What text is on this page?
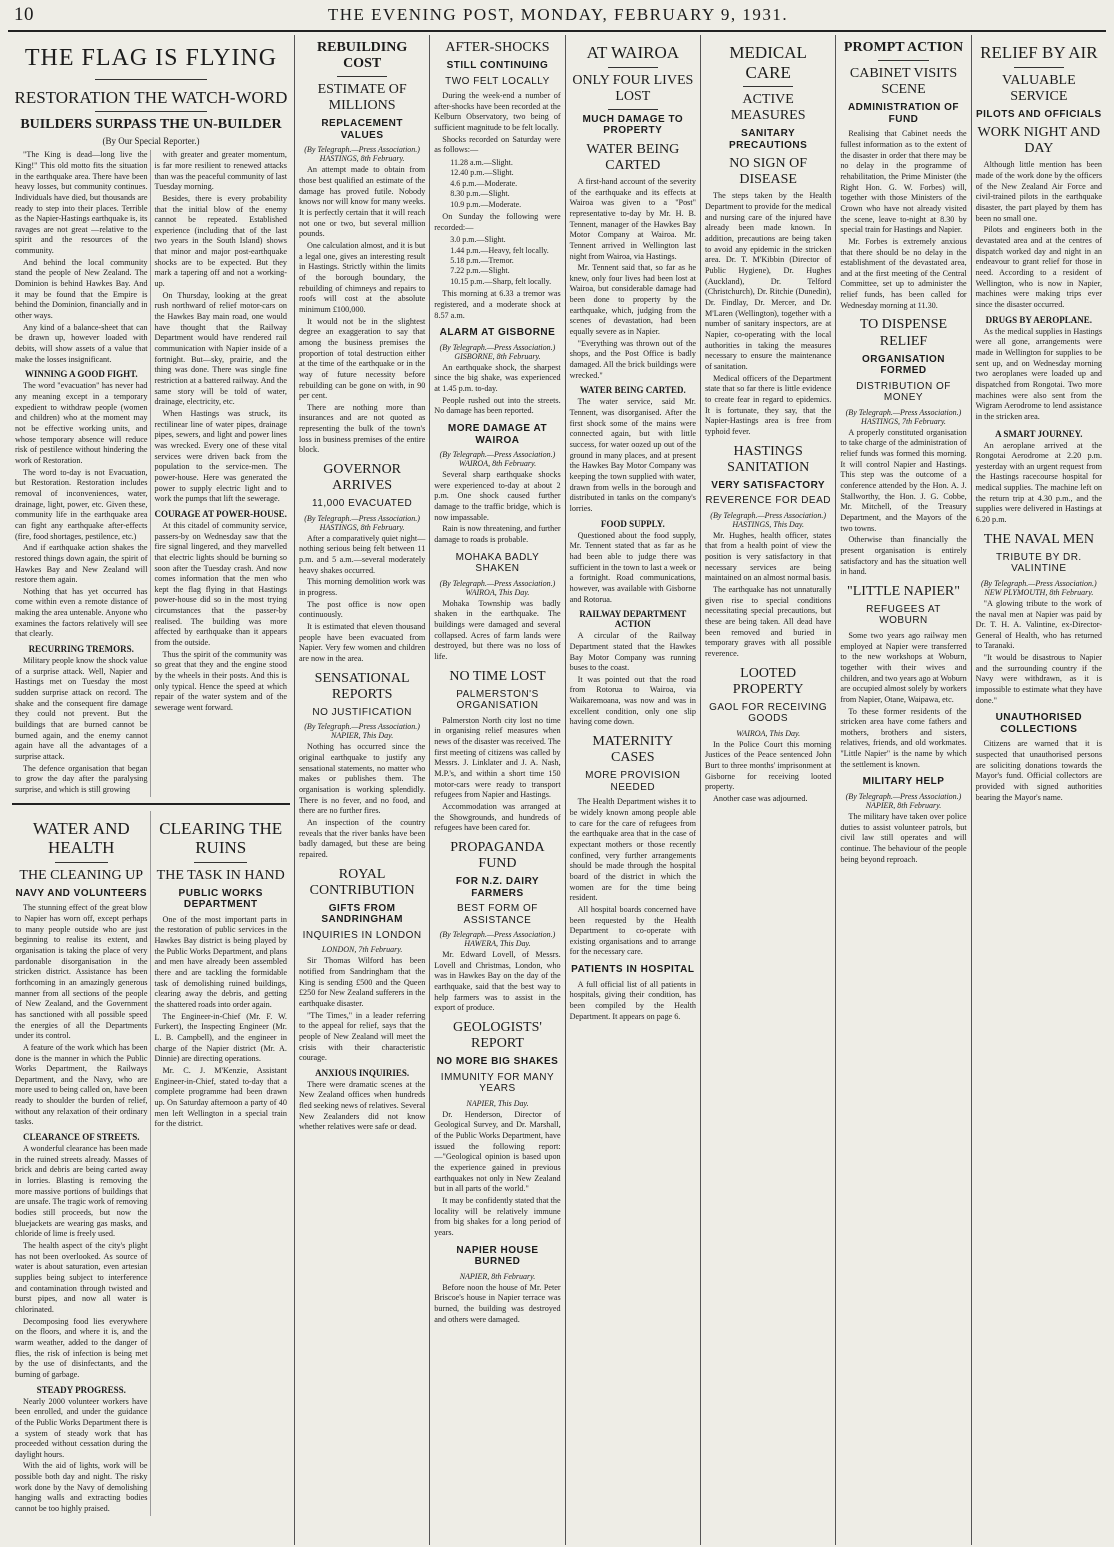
10	THE EVENING POST, MONDAY, FEBRUARY 9, 1931.
THE FLAG IS FLYING
RESTORATION THE WATCH-WORD
BUILDERS SURPASS THE UN-BUILDER
(By Our Special Reporter.)

"The King is dead—long live the King!" This old motto fits the situation in the earthquake area. There have been heavy losses, but community continues. Individuals have died, but thousands are ready to step into their places. Terrible as the Napier-Hastings earthquake is, its ravages are not great —relative to the spirit and the resources of the community.

And behind the local community stand the people of New Zealand. The Dominion is behind Hawkes Bay. And it may be found that the Empire is behind the Dominion, financially and in other ways.

Any kind of a balance-sheet that can be drawn up, however loaded with debits, will show assets of a value that make the losses insignificant.

WINNING A GOOD FIGHT.

The word "evacuation" has never had any meaning except in a temporary expedient to withdraw people (women and children) who at the moment may not be effective working units, and whose temporary absence will reduce risk of pestilence without hindering the work of Restoration.

The word to-day is not Evacuation, but Restoration. Restoration includes removal of inconveniences, water, drainage, light, power, etc. Given these, community life in the earthquake area can fight any earthquake after-effects (fire, food shortages, pestilence, etc.)

And if earthquake action shakes the restored things down again, the spirit of Hawkes Bay and New Zealand will restore them again.

Nothing that has yet occurred has come within even a remote distance of making the area untenable. Anyone who examines the factors relatively will see that clearly.

RECURRING TREMORS.

Military people know the shock value of a surprise attack. Well, Napier and Hastings met on Tuesday the most sudden surprise attack on record. The shake and the consequent fire damage they could not prevent. But the buildings that are burned cannot be burned again, and the enemy cannot again have all the advantages of a surprise attack.

The defence organisation that began to grow the day after the paralysing surprise, and which is still growing

with greater and greater momentum, is far more resilient to renewed attacks than was the peaceful community of last Tuesday morning.

Besides, there is every probability that the initial blow of the enemy cannot be repeated. Established experience (including that of the last two years in the South Island) shows that minor and major post-earthquake shocks are to be expected. But they mark a tapering off and not a working-up.

On Thursday, looking at the great rush northward of relief motor-cars on the Hawkes Bay main road, one would have thought that the Railway Department would have rendered rail communication with Napier inside of a fortnight. But—sky, prairie, and the thing was done. There was single fine restriction at a battered railway. And the same story will be told of water, drainage, electricity, etc.

When Hastings was struck, its rectilinear line of water pipes, drainage pipes, sewers, and light and power lines was wrecked. Every one of these vital services were driven back from the population to the service-men. The power-house. Here was generated the power to supply electric light and to work the pumps that lift the sewerage.

COURAGE AT POWER-HOUSE.

At this citadel of community service, passers-by on Wednesday saw that the fire signal lingered, and they marvelled that electric lights should be burning so soon after the Tuesday crash. And now comes information that the men who kept the flag flying in that Hastings power-house did so in the most trying circumstances that the passer-by realised. The building was more affected by earthquake than it appears from the outside.

Thus the spirit of the community was so great that they and the engine stood by the wheels in their posts. And this is only typical. Hence the speed at which repair of the water system and of the sewerage went forward.

WATER AND HEALTH
THE CLEANING UP
NAVY AND VOLUNTEERS

The stunning effect of the great blow to Napier has worn off, except perhaps to many people outside who are just beginning to realise its extent, and organisation is taking the place of very pardonable disorganisation in the stricken district. Assistance has been forthcoming in an amazingly generous manner from all sections of the people of New Zealand, and the Government has sanctioned with all possible speed the energies of all the Departments under its control.

A feature of the work which has been done is the manner in which the Public Works Department, the Railways Department, and the Navy, who are more used to being called on, have been ready to shoulder the burden of relief, without any relaxation of their ordinary tasks.

CLEARANCE OF STREETS.

A wonderful clearance has been made in the ruined streets already. Masses of brick and debris are being carted away in lorries. Blasting is removing the more massive portions of buildings that are unsafe. The tragic work of removing bodies still proceeds, but now the bluejackets are wearing gas masks, and chloride of lime is freely used.

The health aspect of the city's plight has not been overlooked. As source of water is about saturation, even artesian supplies being subject to interference and contamination through twisted and burst pipes, and now all water is chlorinated.

Decomposing food lies everywhere on the floors, and where it is, and the warm weather, added to the danger of flies, the risk of infection is being met by the use of disinfectants, and the burning of garbage.

STEADY PROGRESS.

Nearly 2000 volunteer workers have been enrolled, and under the guidance of the Public Works Department there is a system of steady work that has proceeded without cessation during the daylight hours.

With the aid of lights, work will be possible both day and night. The risky work done by the Navy of demolishing hanging walls and extracting bodies cannot be too highly praised.

CLEARING THE RUINS
THE TASK IN HAND
PUBLIC WORKS DEPARTMENT

One of the most important parts in the restoration of public services in the Hawkes Bay district is being played by the Public Works Department, and plans and men have already been assembled there and are tackling the formidable task of demolishing ruined buildings, clearing away the debris, and getting the shattered roads into order again.

The Engineer-in-Chief (Mr. F. W. Furkert), the Inspecting Engineer (Mr. L. B. Campbell), and the engineer in charge of the Napier district (Mr. A. Dinnie) are directing operations.

Mr. C. J. M'Kenzie, Assistant Engineer-in-Chief, stated to-day that a complete programme had been drawn up. On Saturday afternoon a party of 40 men left Wellington in a special train for the district.

REBUILDING COST
ESTIMATE OF MILLIONS
REPLACEMENT VALUES
(By Telegraph.—Press Association.) HASTINGS, 8th February.

An attempt made to obtain from those best qualified an estimate of the damage has proved futile. Nobody knows nor will know for many weeks. It is perfectly certain that it will reach not one or two, but several million pounds.

One calculation almost, and it is but a legal one, gives an interesting result in Hastings. Strictly within the limits of the borough boundary, the rebuilding of chimneys and repairs to roofs will cost at the absolute minimum £100,000.

It would not be in the slightest degree an exaggeration to say that among the business premises the proportion of total destruction either at the time of the earthquake or in the way of future necessity before rebuilding can be gone on with, in 90 per cent.

There are nothing more than insurances and are not quoted as representing the bulk of the town's loss in business premises of the entire block.

GOVERNOR ARRIVES
11,000 EVACUATED
(By Telegraph.—Press Association.) HASTINGS, 8th February.

After a comparatively quiet night—nothing serious being felt between 11 p.m. and 5 a.m.—several moderately heavy shakes occurred.

This morning demolition work was in progress.

The post office is now open continuously.

It is estimated that eleven thousand people have been evacuated from Napier. Very few women and children are now in the area.

SENSATIONAL REPORTS
NO JUSTIFICATION
(By Telegraph.—Press Association.) NAPIER, This Day.

Nothing has occurred since the original earthquake to justify any sensational statements, no matter who makes or publishes them. The organisation is working splendidly. There is no fever, and no food, and there are no further fires.

An inspection of the country reveals that the river banks have been badly damaged, but these are being repaired.

ROYAL CONTRIBUTION
GIFTS FROM SANDRINGHAM
INQUIRIES IN LONDON
LONDON, 7th February.

Sir Thomas Wilford has been notified from Sandringham that the King is sending £500 and the Queen £250 for New Zealand sufferers in the earthquake disaster.

"The Times," in a leader referring to the appeal for relief, says that the people of New Zealand will meet the crisis with their characteristic courage.

ANXIOUS INQUIRIES.

There were dramatic scenes at the New Zealand offices when hundreds fled seeking news of relatives. Several New Zealanders did not know whether relatives were safe or dead.

AFTER-SHOCKS
STILL CONTINUING
TWO FELT LOCALLY

During the week-end a number of after-shocks have been recorded at the Kelburn Observatory, two being of sufficient magnitude to be felt locally.

Shocks recorded on Saturday were as follows:—

11.28 a.m.—Slight.
12.40 p.m.—Slight.
4.6 p.m.—Moderate.
8.30 p.m.—Slight.
10.9 p.m.—Moderate.

On Sunday the following were recorded:—

3.0 p.m.—Slight.
1.44 p.m.—Heavy, felt locally.
5.18 p.m.—Tremor.
7.22 p.m.—Slight.
10.15 p.m.—Sharp, felt locally.

This morning at 6.33 a tremor was registered, and a moderate shock at 8.57 a.m.

ALARM AT GISBORNE
(By Telegraph.—Press Association.) GISBORNE, 8th February.

An earthquake shock, the sharpest since the big shake, was experienced at 1.45 p.m. to-day.

People rushed out into the streets. No damage has been reported.

MORE DAMAGE AT WAIROA
(By Telegraph.—Press Association.) WAIROA, 8th February.

Several sharp earthquake shocks were experienced to-day at about 2 p.m. One shock caused further damage to the traffic bridge, which is now impassable.

Rain is now threatening, and further damage to roads is probable.

MOHAKA BADLY SHAKEN
(By Telegraph.—Press Association.) WAIROA, This Day.

Mohaka Township was badly shaken in the earthquake. The buildings were damaged and several collapsed. Acres of farm lands were destroyed, but there was no loss of life.

NO TIME LOST
PALMERSTON'S ORGANISATION

Palmerston North city lost no time in organising relief measures when news of the disaster was received. The first meeting of citizens was called by Messrs. J. Linklater and J. A. Nash, M.P.'s, and within a short time 150 motor-cars were ready to transport refugees from Napier and Hastings.

Accommodation was arranged at the Showgrounds, and hundreds of refugees have been cared for.

PROPAGANDA FUND
FOR N.Z. DAIRY FARMERS
BEST FORM OF ASSISTANCE
(By Telegraph.—Press Association.) HAWERA, This Day.

Mr. Edward Lovell, of Messrs. Lovell and Christmas, London, who was in Hawkes Bay on the day of the earthquake, said that the best way to help farmers was to assist in the export of produce.

GEOLOGISTS' REPORT
NO MORE BIG SHAKES
IMMUNITY FOR MANY YEARS
NAPIER, This Day.

Dr. Henderson, Director of Geological Survey, and Dr. Marshall, of the Public Works Department, have issued the following report:—"Geological opinion is based upon the experience gained in previous earthquakes not only in New Zealand but in all parts of the world."

It may be confidently stated that the locality will be relatively immune from big shakes for a long period of years.

NAPIER HOUSE BURNED
NAPIER, 8th February.

Before noon the house of Mr. Peter Briscoe's house in Napier terrace was burned, the building was destroyed and others were damaged.

AT WAIROA
ONLY FOUR LIVES LOST
MUCH DAMAGE TO PROPERTY
WATER BEING CARTED

A first-hand account of the severity of the earthquake and its effects at Wairoa was given to a "Post" representative to-day by Mr. H. B. Tennent, manager of the Hawkes Bay Motor Company at Wairoa. Mr. Tennent arrived in Wellington last night from Wairoa, via Hastings.

Mr. Tennent said that, so far as he knew, only four lives had been lost at Wairoa, but considerable damage had been done to property by the earthquake, which, judging from the scenes of devastation, had been equally severe as in Napier.

"Everything was thrown out of the shops, and the Post Office is badly damaged. All the brick buildings were wrecked."

WATER BEING CARTED.

The water service, said Mr. Tennent, was disorganised. After the first shock some of the mains were connected again, but with little success, for water oozed up out of the ground in many places, and at present the Hawkes Bay Motor Company was keeping the town supplied with water, drawn from wells in the borough and distributed in tanks on the company's lorries.

FOOD SUPPLY.

Questioned about the food supply, Mr. Tennent stated that as far as he had been able to judge there was sufficient in the town to last a week or a fortnight. Road communications, however, was available with Gisborne and Rotorua.

RAILWAY DEPARTMENT ACTION

A circular of the Railway Department stated that the Hawkes Bay Motor Company was running buses to the coast.

It was pointed out that the road from Rotorua to Wairoa, via Waikaremoana, was now and was in excellent condition, only one slip having come down.

MATERNITY CASES
MORE PROVISION NEEDED

The Health Department wishes it to be widely known among people able to care for the care of refugees from the earthquake area that in the case of expectant mothers or those recently confined, very further arrangements should be made through the hospital board of the district in which the women are for the time being resident.

All hospital boards concerned have been requested by the Health Department to co-operate with existing organisations and to arrange for the necessary care.

PATIENTS IN HOSPITAL

A full official list of all patients in hospitals, giving their condition, has been compiled by the Health Department. It appears on page 6.

MEDICAL CARE
ACTIVE MEASURES
SANITARY PRECAUTIONS
NO SIGN OF DISEASE

The steps taken by the Health Department to provide for the medical and nursing care of the injured have already been made known. In addition, precautions are being taken to avoid any epidemic in the stricken area. Dr. T. M'Kibbin (Director of Public Hygiene), Dr. Hughes (Auckland), Dr. Telford (Christchurch), Dr. Ritchie (Dunedin), Dr. Findlay, Dr. Mercer, and Dr. M'Laren (Wellington), together with a number of sanitary inspectors, are at Napier, co-operating with the local authorities in taking the measures necessary to ensure the maintenance of sanitation.

Medical officers of the Department state that so far there is little evidence to create fear in regard to epidemics. It is fortunate, they say, that the Napier-Hastings area is free from typhoid fever.

HASTINGS SANITATION
VERY SATISFACTORY
REVERENCE FOR DEAD
(By Telegraph.—Press Association.) HASTINGS, This Day.

Mr. Hughes, health officer, states that from a health point of view the position is very satisfactory in that necessary services are being maintained on an almost normal basis.

The earthquake has not unnaturally given rise to special conditions necessitating special precautions, but these are being taken. All dead have been removed and buried in temporary graves with all possible reverence.

LOOTED PROPERTY
GAOL FOR RECEIVING GOODS
WAIROA, This Day.

In the Police Court this morning Justices of the Peace sentenced John Burt to three months' imprisonment at Gisborne for receiving looted property.

Another case was adjourned.

PROMPT ACTION
CABINET VISITS SCENE
ADMINISTRATION OF FUND

Realising that Cabinet needs the fullest information as to the extent of the disaster in order that there may be no delay in the programme of rehabilitation, the Prime Minister (the Right Hon. G. W. Forbes) will, together with those Ministers of the Crown who have not already visited the scene, leave to-night at 8.30 by special train for Hastings and Napier.

Mr. Forbes is extremely anxious that there should be no delay in the establishment of the devastated area, and at the first meeting of the Central Committee, set up to administer the relief funds, has been called for Wednesday morning at 11.30.

TO DISPENSE RELIEF
ORGANISATION FORMED
DISTRIBUTION OF MONEY
(By Telegraph.—Press Association.) HASTINGS, 7th February.

A properly constituted organisation to take charge of the administration of relief funds was formed this morning. It will control Napier and Hastings. This step was the outcome of a conference attended by the Hon. A. J. Stallworthy, the Hon. J. G. Cobbe, Mr. Mitchell, of the Treasury Department, and the Mayors of the two towns.

Otherwise than financially the present organisation is entirely satisfactory and has the situation well in hand.

"LITTLE NAPIER"
REFUGEES AT WOBURN

Some two years ago railway men employed at Napier were transferred to the new workshops at Woburn, together with their wives and children, and two years ago at Woburn are occupied almost solely by workers from Napier, Otane, Waipawa, etc.

To these former residents of the stricken area have come fathers and mothers, brothers and sisters, relatives, friends, and old workmates. "Little Napier" is the name by which the settlement is known.

MILITARY HELP
(By Telegraph.—Press Association.) NAPIER, 8th February.

The military have taken over police duties to assist volunteer patrols, but civil law still operates and will continue. The behaviour of the people being beyond reproach.

RELIEF BY AIR
VALUABLE SERVICE
PILOTS AND OFFICIALS
WORK NIGHT AND DAY

Although little mention has been made of the work done by the officers of the New Zealand Air Force and civil-trained pilots in the earthquake disaster, the part played by them has been no small one.

Pilots and engineers both in the devastated area and at the centres of dispatch worked day and night in an endeavour to grant relief for those in need. According to a resident of Wellington, who is now in Napier, machines were making trips ever since the disaster occurred.

DRUGS BY AEROPLANE.

As the medical supplies in Hastings were all gone, arrangements were made in Wellington for supplies to be sent up, and on Wednesday morning two aeroplanes were loaded up and dispatched from Rongotai. Two more machines were also sent from the Wigram Aerodrome to lend assistance in the stricken area.

A SMART JOURNEY.

An aeroplane arrived at the Rongotai Aerodrome at 2.20 p.m. yesterday with an urgent request from the Hastings racecourse hospital for medical supplies. The machine left on the return trip at 4.30 p.m., and the supplies were delivered in Hastings at 6.20 p.m.

THE NAVAL MEN
TRIBUTE BY DR. VALINTINE
(By Telegraph.—Press Association.) NEW PLYMOUTH, 8th February.

"A glowing tribute to the work of the naval men at Napier was paid by Dr. T. H. A. Valintine, ex-Director-General of Health, who has returned to Taranaki.

"It would be disastrous to Napier and the surrounding country if the Navy were withdrawn, as it is impossible to estimate what they have done."

UNAUTHORISED COLLECTIONS

Citizens are warned that it is suspected that unauthorised persons are soliciting donations towards the Mayor's fund. Official collectors are provided with signed authorities bearing the Mayor's name.
